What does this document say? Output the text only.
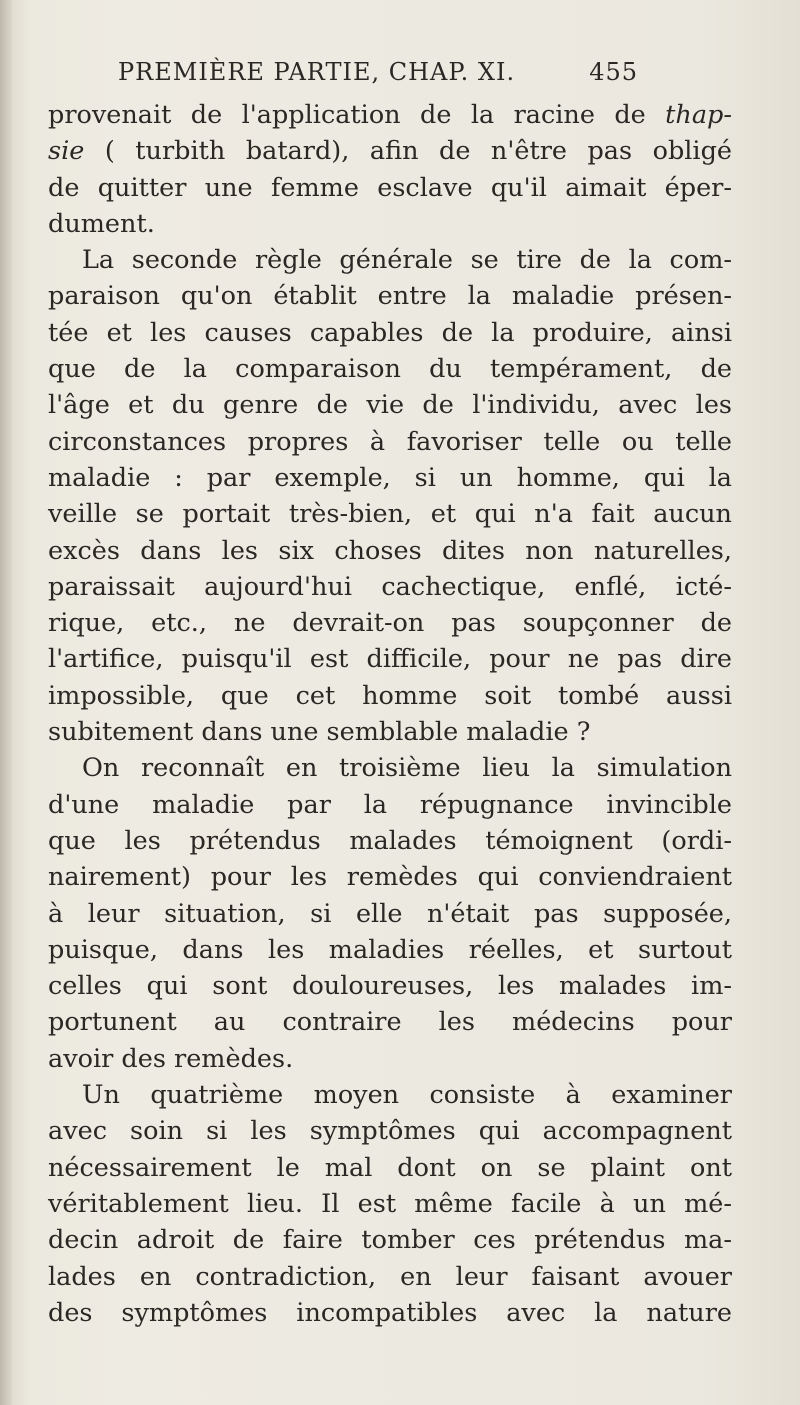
PREMIÈRE PARTIE, CHAP. XI.	455
provenait de l'application de la racine de thap-
sie ( turbith batard), afin de n'être pas obligé
de quitter une femme esclave qu'il aimait éper-
dument.
La seconde règle générale se tire de la com-
paraison qu'on établit entre la maladie présen-
tée et les causes capables de la produire, ainsi
que de la comparaison du tempérament, de
l'âge et du genre de vie de l'individu, avec les
circonstances propres à favoriser telle ou telle
maladie : par exemple, si un homme, qui la
veille se portait très-bien, et qui n'a fait aucun
excès dans les six choses dites non naturelles,
paraissait aujourd'hui cachectique, enflé, icté-
rique, etc., ne devrait-on pas soupçonner de
l'artifice, puisqu'il est difficile, pour ne pas dire
impossible, que cet homme soit tombé aussi
subitement dans une semblable maladie ?
On reconnaît en troisième lieu la simulation
d'une maladie par la répugnance invincible
que les prétendus malades témoignent (ordi-
nairement) pour les remèdes qui conviendraient
à leur situation, si elle n'était pas supposée,
puisque, dans les maladies réelles, et surtout
celles qui sont douloureuses, les malades im-
portunent au contraire les médecins pour
avoir des remèdes.
Un quatrième moyen consiste à examiner
avec soin si les symptômes qui accompagnent
nécessairement le mal dont on se plaint ont
véritablement lieu. Il est même facile à un mé-
decin adroit de faire tomber ces prétendus ma-
lades en contradiction, en leur faisant avouer
des symptômes incompatibles avec la nature
